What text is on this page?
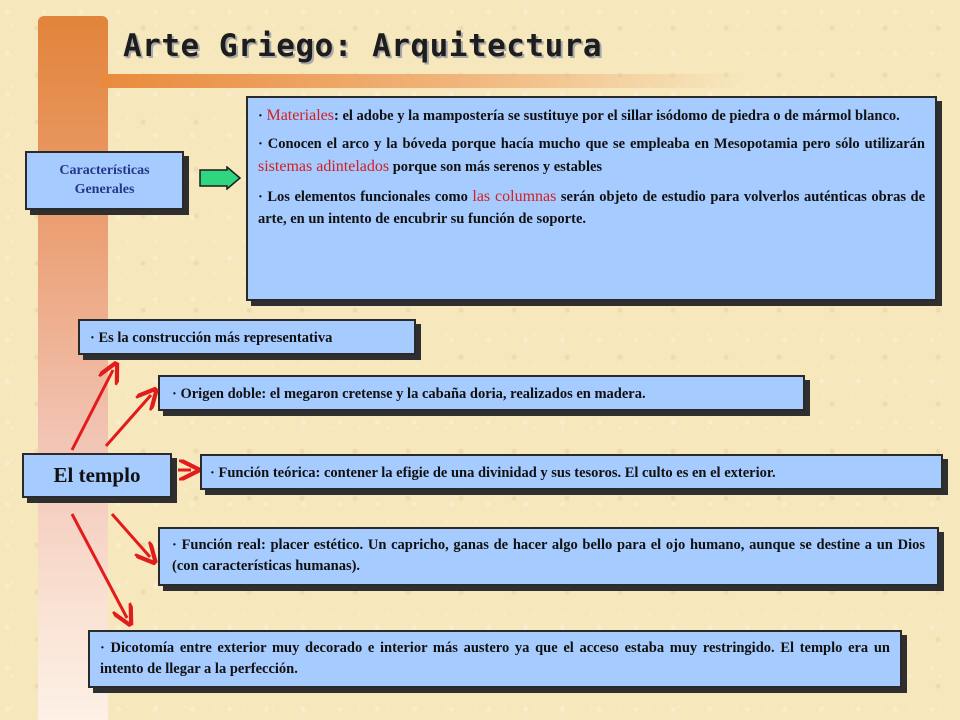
Arte Griego: Arquitectura
Características
Generales

· Materiales: el adobe y la mampostería se sustituye por el sillar isódomo de piedra o de mármol blanco.

· Conocen el arco y la bóveda porque hacía mucho que se empleaba en Mesopotamia pero sólo utilizarán sistemas adintelados porque son más serenos y estables

· Los elementos funcionales como las columnas serán objeto de estudio para volverlos auténticas obras de arte, en un intento de encubrir su función de soporte.

· Es la construcción más representativa
· Origen doble: el megaron cretense y la cabaña doria, realizados en madera.
· Función teórica: contener la efigie de una divinidad y sus tesoros. El culto es en el exterior.
· Función real: placer estético. Un capricho, ganas de hacer algo bello para el ojo humano, aunque se destine a un Dios (con características humanas).
· Dicotomía entre exterior muy decorado e interior más austero ya que el acceso estaba muy restringido. El templo era un intento de llegar a la perfección.
El templo
